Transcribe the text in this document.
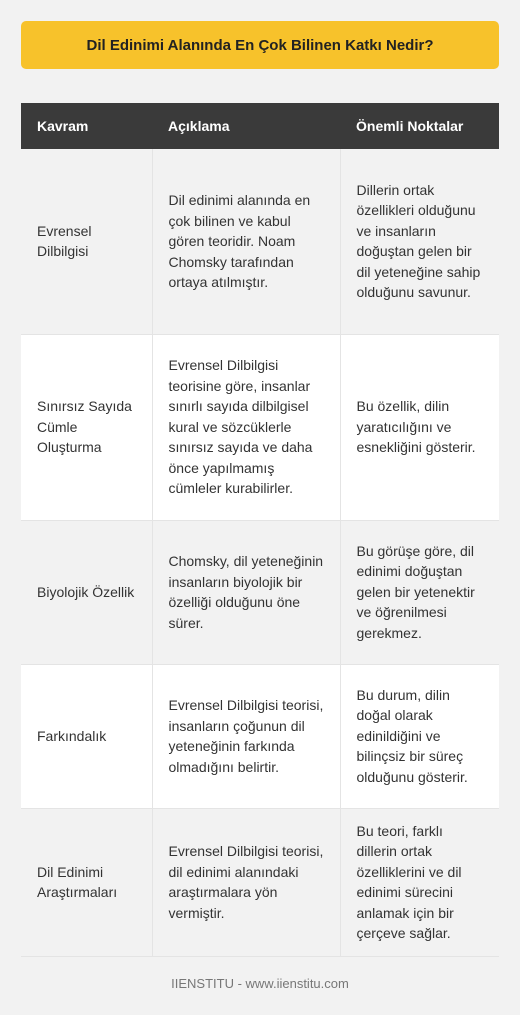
Dil Edinimi Alanında En Çok Bilinen Katkı Nedir?
Kavram	Açıklama	Önemli Noktalar
Evrensel Dilbilgisi	Dil edinimi alanında en çok bilinen ve kabul gören teoridir. Noam Chomsky tarafından ortaya atılmıştır.	Dillerin ortak özellikleri olduğunu ve insanların doğuştan gelen bir dil yeteneğine sahip olduğunu savunur.
Sınırsız Sayıda Cümle Oluşturma	Evrensel Dilbilgisi teorisine göre, insanlar sınırlı sayıda dilbilgisel kural ve sözcüklerle sınırsız sayıda ve daha önce yapılmamış cümleler kurabilirler.	Bu özellik, dilin yaratıcılığını ve esnekliğini gösterir.
Biyolojik Özellik	Chomsky, dil yeteneğinin insanların biyolojik bir özelliği olduğunu öne sürer.	Bu görüşe göre, dil edinimi doğuştan gelen bir yetenektir ve öğrenilmesi gerekmez.
Farkındalık	Evrensel Dilbilgisi teorisi, insanların çoğunun dil yeteneğinin farkında olmadığını belirtir.	Bu durum, dilin doğal olarak edinildiğini ve bilinçsiz bir süreç olduğunu gösterir.
Dil Edinimi Araştırmaları	Evrensel Dilbilgisi teorisi, dil edinimi alanındaki araştırmalara yön vermiştir.	Bu teori, farklı dillerin ortak özelliklerini ve dil edinimi sürecini anlamak için bir çerçeve sağlar.
IIENSTITU - www.iienstitu.com
